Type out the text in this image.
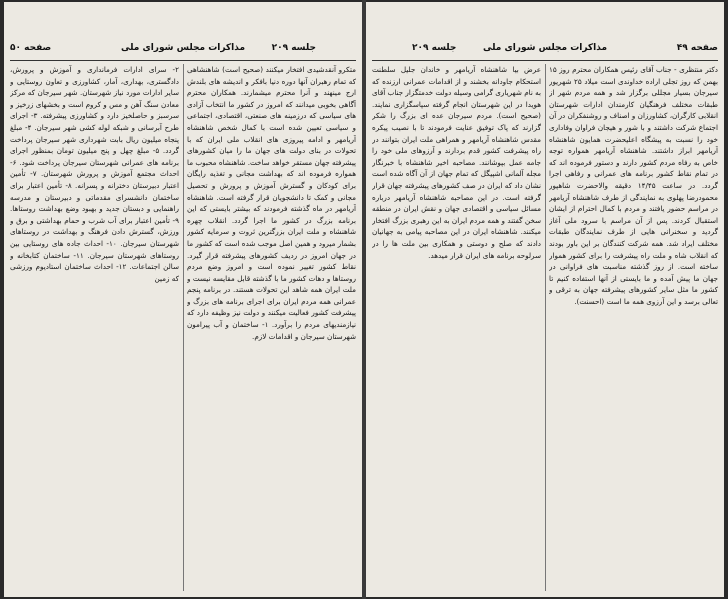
جلسه ۲۰۹
مذاکرات مجلس شورای ملی
صفحه ۵۰

متکرو آنقدشیدی افتخار میکنند (صحیح است) شاهنشاهی که تمام رهبران آنها دوره دنیا بافکر و اندیشه های بلندش ارج مینهند و آنرا محترم میشمارند. همکاران محترم آگاهی بخوبی میدانند که امروز در کشور ما انتخاب آزادی های سیاسی که درزمینه های صنعتی، اقتصادی، اجتماعی و سیاسی تعیین شده است با کمال شخص شاهنشاه آریامهر و ادامه پیروزی های انقلاب ملی ایران که با تحولات در بنای دولت های جهان ما را میان کشورهای پیشرفته جهان مستقر خواهد ساخت. شاهنشاه محبوب ما همواره فرموده اند که بهداشت مجانی و تغذیه رایگان برای کودکان و گسترش آموزش و پرورش و تحصیل مجانی و کمک تا دانشجویان قرار گرفته است. شاهنشاه آریامهر در ماه گذشته فرمودند که بیشتر بایستی که این برنامه بزرگ در کشور ما اجرا گردد. انقلاب چهره شاهنشاه و ملت ایران بزرگترین ثروت و سرمایه کشور بشمار میرود و همین اصل موجب شده است که کشور ما در جهان امروز در ردیف کشورهای پیشرفته قرار گیرد. نقاط کشور تغییر نموده است و امروز وضع مردم روستاها و دهات کشور ما با گذشته قابل مقایسه نیست و ملت ایران همه شاهد این تحولات هستند. در برنامه پنجم عمرانی همه مردم ایران برای اجرای برنامه های بزرگ و پیشرفت کشور فعالیت میکنند و دولت نیز وظیفه دارد که نیازمندیهای مردم را برآورد. ۱- ساختمان و آب پیرامون شهرستان سیرجان و اقدامات لازم.

۲- سرای ادارات فرمانداری و آموزش و پرورش، دادگستری، بهداری، آمار، کشاورزی و تعاون روستایی و سایر ادارات مورد نیاز شهرستان. شهر سیرجان که مرکز معادن سنگ آهن و مس و کروم است و بخشهای زرخیز و سرسبز و حاصلخیز دارد و کشاورزی پیشرفته. ۳- اجرای طرح آبرسانی و شبکه لوله کشی شهر سیرجان. ۴- مبلغ پنجاه میلیون ریال بابت شهرداری شهر سیرجان پرداخت گردد. ۵- مبلغ چهل و پنج میلیون تومان بمنظور اجرای برنامه های عمرانی شهرستان سیرجان پرداخت شود. ۶- احداث مجتمع آموزش و پرورش شهرستان. ۷- تأمین اعتبار دبیرستان دخترانه و پسرانه. ۸- تأمین اعتبار برای ساختمان دانشسرای مقدماتی و دبیرستان و مدرسه راهنمایی و دبستان جدید و بهبود وضع بهداشت روستاها. ۹- تأمین اعتبار برای آب شرب و حمام بهداشتی و برق و ورزش، گسترش دادن فرهنگ و بهداشت در روستاهای شهرستان سیرجان. ۱۰- احداث جاده های روستایی بین روستاهای شهرستان سیرجان. ۱۱- ساختمان کتابخانه و سالن اجتماعات. ۱۲- احداث ساختمان استادیوم ورزشی که زمین

جلسه ۲۰۹	مذاکرات مجلس شورای ملی	صفحه ۴۹

دکتر منتظری - جناب آقای رئیس همکاران محترم روز ۱۵ بهمن که روز تجلی اراده خداوندی است میلاد ۲۵ شهریور سیرجان بسیار مجللی برگزار شد و همه مردم شهر از طبقات مختلف فرهنگیان کارمندان ادارات شهرستان انقلابی کارگران، کشاورزان و اصناف و روشنفکران در آن اجتماع شرکت داشتند و با شور و هیجان فراوان وفاداری خود را نسبت به پیشگاه اعلیحضرت همایون شاهنشاه آریامهر ابراز داشتند. شاهنشاه آریامهر همواره توجه خاص به رفاه مردم کشور دارند و دستور فرموده اند که در تمام نقاط کشور برنامه های عمرانی و رفاهی اجرا گردد. در ساعت ۱۴/۴۵ دقیقه والاحضرت شاهپور محمودرضا پهلوی به نمایندگی از طرف شاهنشاه آریامهر در مراسم حضور یافتند و مردم با کمال احترام از ایشان استقبال کردند. پس از آن مراسم با سرود ملی آغاز گردید و سخنرانی هایی از طرف نمایندگان طبقات مختلف ایراد شد. همه شرکت کنندگان بر این باور بودند که انقلاب شاه و ملت راه پیشرفت را برای کشور هموار ساخته است. از روز گذشته مناسبت های فراوانی در جهان ما پیش آمده و ما بایستی از آنها استفاده کنیم تا کشور ما مثل سایر کشورهای پیشرفته جهان به ترقی و تعالی برسد و این آرزوی همه ما است (احسنت).

عرض بیا شاهنشاه آریامهر و خاندان جلیل سلطنت استحکام جاودانه بخشند و از اقدامات عمرانی ارزنده که به نام شهریاری گرامی وسیله دولت خدمتگزار جناب آقای هویدا در این شهرستان انجام گرفته سپاسگزاری نمایند. (صحیح است). مردم سیرجان عده ای بزرگ را شکر گزارند که پاک توفیق عنایت فرمودند تا با نصیب پیکره مقدس شاهنشاه آریامهر و همراهی ملت ایران بتوانند در راه پیشرفت کشور قدم بردارند و آرزوهای ملی خود را جامه عمل بپوشانند. مصاحبه اخیر شاهنشاه با خبرنگار مجله آلمانی اشپیگل که تمام جهان از آن آگاه شده است نشان داد که ایران در صف کشورهای پیشرفته جهان قرار گرفته است. در این مصاحبه شاهنشاه آریامهر درباره مسائل سیاسی و اقتصادی جهان و نقش ایران در منطقه سخن گفتند و همه مردم ایران به این رهبری بزرگ افتخار میکنند. شاهنشاه ایران در این مصاحبه پیامی به جهانیان دادند که صلح و دوستی و همکاری بین ملت ها را در سرلوحه برنامه های ایران قرار میدهد.
